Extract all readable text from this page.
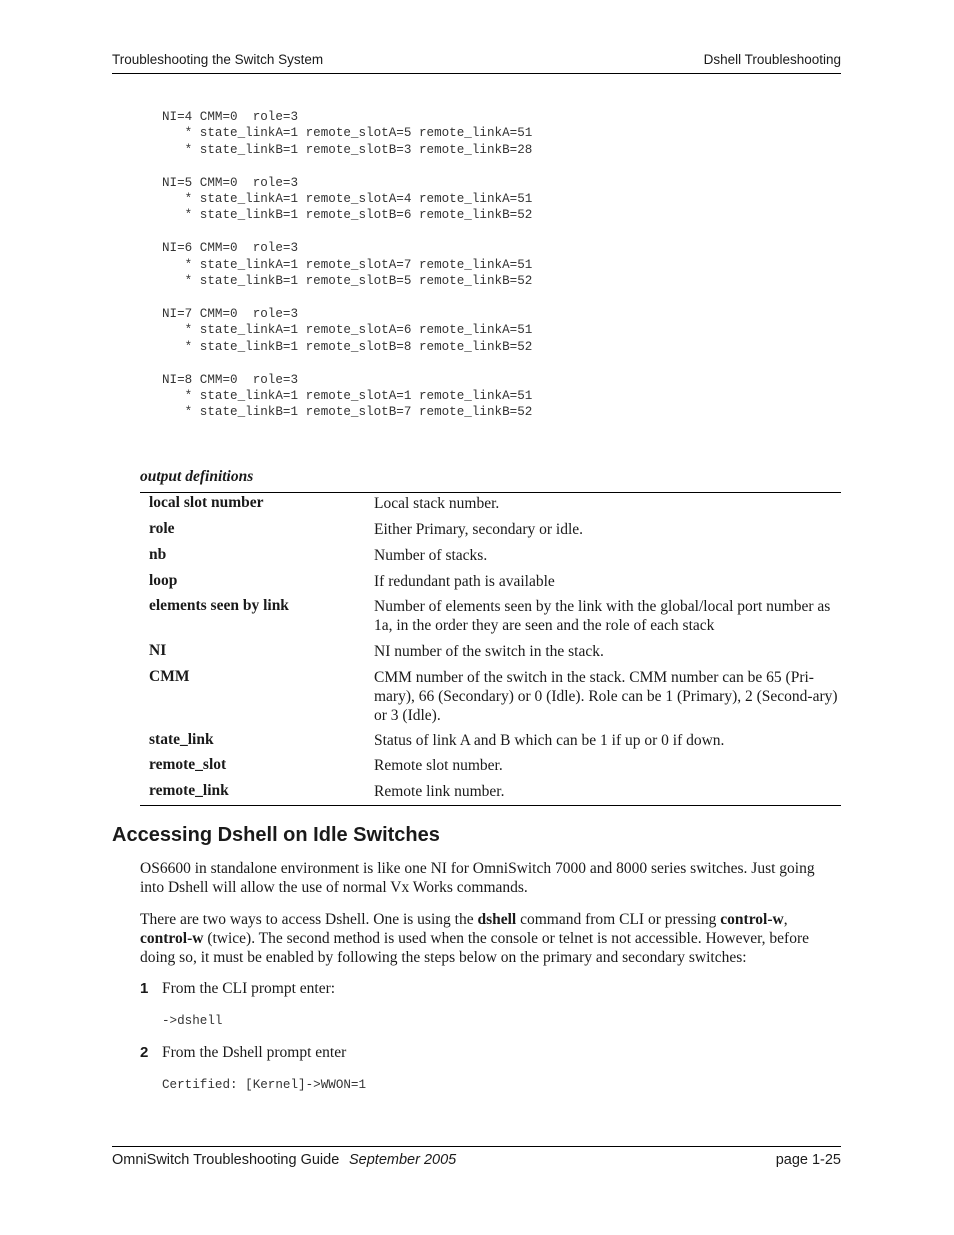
Troubleshooting the Switch System	Dshell Troubleshooting
NI=4 CMM=0  role=3
* state_linkA=1 remote_slotA=5 remote_linkA=51
* state_linkB=1 remote_slotB=3 remote_linkB=28

NI=5 CMM=0  role=3
* state_linkA=1 remote_slotA=4 remote_linkA=51
* state_linkB=1 remote_slotB=6 remote_linkB=52

NI=6 CMM=0  role=3
* state_linkA=1 remote_slotA=7 remote_linkA=51
* state_linkB=1 remote_slotB=5 remote_linkB=52

NI=7 CMM=0  role=3
* state_linkA=1 remote_slotA=6 remote_linkA=51
* state_linkB=1 remote_slotB=8 remote_linkB=52

NI=8 CMM=0  role=3
* state_linkA=1 remote_slotA=1 remote_linkA=51
* state_linkB=1 remote_slotB=7 remote_linkB=52
output definitions
local slot number	Local stack number.
role	Either Primary, secondary or idle.
nb	Number of stacks.
loop	If redundant path is available
elements seen by link	Number of elements seen by the link with the global/local port number as 1a, in the order they are seen and the role of each stack
NI	NI number of the switch in the stack.
CMM	CMM number of the switch in the stack. CMM number can be 65 (Pri-mary), 66 (Secondary) or 0 (Idle). Role can be 1 (Primary), 2 (Second-ary) or 3 (Idle).
state_link	Status of link A and B which can be 1 if up or 0 if down.
remote_slot	Remote slot number.
remote_link	Remote link number.
Accessing Dshell on Idle Switches
OS6600 in standalone environment is like one NI for OmniSwitch 7000 and 8000 series switches. Just going into Dshell will allow the use of normal Vx Works commands.
There are two ways to access Dshell. One is using the dshell command from CLI or pressing control-w, control-w (twice). The second method is used when the console or telnet is not accessible. However, before doing so, it must be enabled by following the steps below on the primary and secondary switches:
1 From the CLI prompt enter:
->dshell
2 From the Dshell prompt enter
Certified: [Kernel]->WWON=1
OmniSwitch Troubleshooting Guide September 2005	page 1-25
